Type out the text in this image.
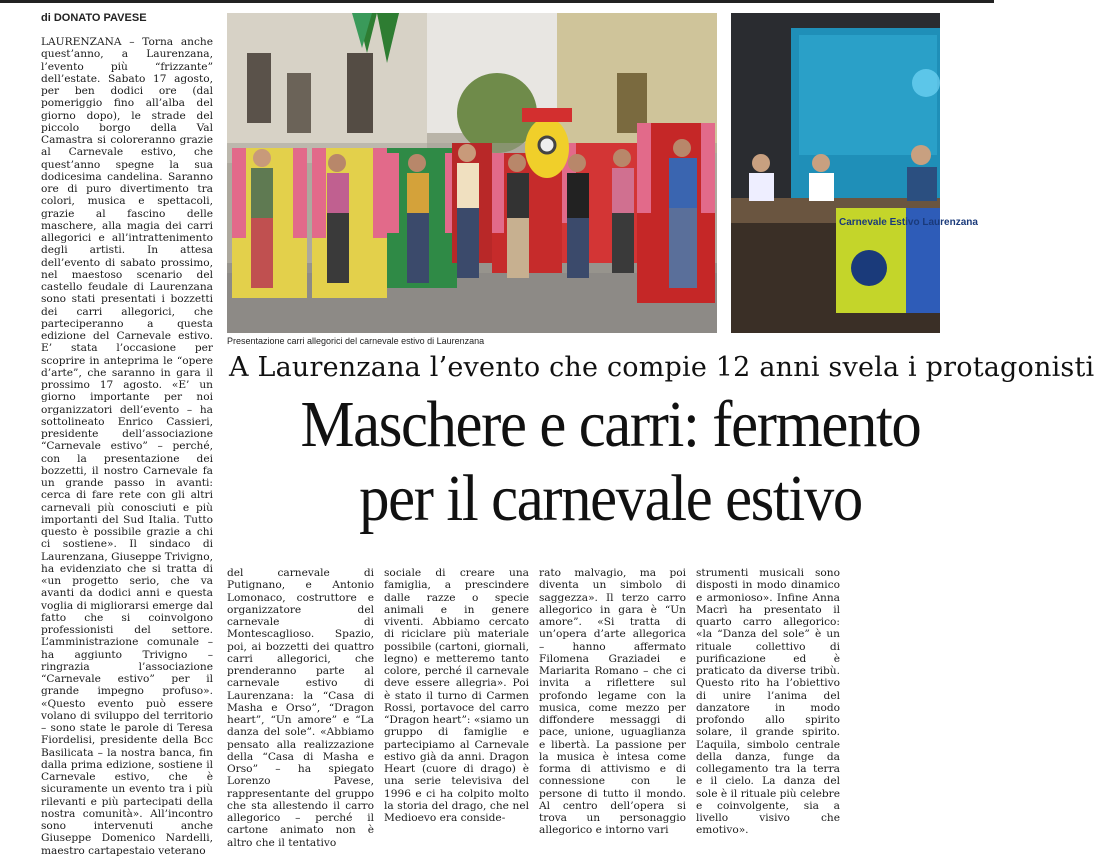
di DONATO PAVESE
LAURENZANA – Torna anche quest’anno, a Laurenzana, l’evento più “frizzante” dell’estate. Sabato 17 agosto, per ben dodici ore (dal pomeriggio fino all’alba del giorno dopo), le strade del piccolo borgo della Val Camastra si coloreranno grazie al Carnevale estivo, che quest’anno spegne la sua dodicesima candelina. Saranno ore di puro divertimento tra colori, musica e spettacoli, grazie al fascino delle maschere, alla magia dei carri allegorici e all’intrattenimento degli artisti. In attesa dell’evento di sabato prossimo, nel maestoso scenario del castello feudale di Laurenzana sono stati presentati i bozzetti dei carri allegorici, che parteciperanno a questa edizione del Carnevale estivo. E’ stata l’occasione per scoprire in anteprima le “opere d’arte”, che saranno in gara il prossimo 17 agosto. «E’ un giorno importante per noi organizzatori dell’evento – ha sottolineato Enrico Cassieri, presidente dell’associazione “Carnevale estivo” – perché, con la presentazione dei bozzetti, il nostro Carnevale fa un grande passo in avanti: cerca di fare rete con gli altri carnevali più conosciuti e più importanti del Sud Italia. Tutto questo è possibile grazie a chi ci sostiene». Il sindaco di Laurenzana, Giuseppe Trivigno, ha evidenziato che si tratta di «un progetto serio, che va avanti da dodici anni e questa voglia di migliorarsi emerge dal fatto che si coinvolgono professionisti del settore. L’amministrazione comunale – ha aggiunto Trivigno – ringrazia l’associazione “Carnevale estivo” per il grande impegno profuso». «Questo evento può essere volano di sviluppo del territorio – sono state le parole di Teresa Fiordelisi, presidente della Bcc Basilicata – la nostra banca, fin dalla prima edizione, sostiene il Carnevale estivo, che è sicuramente un evento tra i più rilevanti e più partecipati della nostra comunità». All’incontro sono intervenuti anche Giuseppe Domenico Nardelli, maestro cartapestaio veterano
Carnevale Estivo Laurenzana
Presentazione carri allegorici del carnevale estivo di Laurenzana
A Laurenzana l’evento che compie 12 anni svela i protagonisti
Maschere e carri: fermento
per il carnevale estivo
del carnevale di Putignano, e Antonio Lomonaco, costruttore e organizzatore del carnevale di Montescaglioso. Spazio, poi, ai bozzetti dei quattro carri allegorici, che prenderanno parte al carnevale estivo di Laurenzana: la “Casa di Masha e Orso”, “Dragon heart”, “Un amore” e “La danza del sole”. «Abbiamo pensato alla realizzazione della “Casa di Masha e Orso” – ha spiegato Lorenzo Pavese, rappresentante del gruppo che sta allestendo il carro allegorico – perché il cartone animato non è altro che il tentativo
sociale di creare una famiglia, a prescindere dalle razze o specie animali e in genere viventi. Abbiamo cercato di riciclare più materiale possibile (cartoni, giornali, legno) e metteremo tanto colore, perché il carnevale deve essere allegria». Poi è stato il turno di Carmen Rossi, portavoce del carro “Dragon heart”: «siamo un gruppo di famiglie e partecipiamo al Carnevale estivo già da anni. Dragon Heart (cuore di drago) è una serie televisiva del 1996 e ci ha colpito molto la storia del drago, che nel Medioevo era conside-
rato malvagio, ma poi diventa un simbolo di saggezza». Il terzo carro allegorico in gara è “Un amore”. «Si tratta di un’opera d’arte allegorica – hanno affermato Filomena Graziadei e Mariarita Romano – che ci invita a riflettere sul profondo legame con la musica, come mezzo per diffondere messaggi di pace, unione, uguaglianza e libertà. La passione per la musica è intesa come forma di attivismo e di connessione con le persone di tutto il mondo. Al centro dell’opera si trova un personaggio allegorico e intorno vari
strumenti musicali sono disposti in modo dinamico e armonioso». Infine Anna Macrì ha presentato il quarto carro allegorico: «la “Danza del sole” è un rituale collettivo di purificazione ed è praticato da diverse tribù. Questo rito ha l’obiettivo di unire l’anima del danzatore in modo profondo allo spirito solare, il grande spirito. L’aquila, simbolo centrale della danza, funge da collegamento tra la terra e il cielo. La danza del sole è il rituale più celebre e coinvolgente, sia a livello visivo che emotivo».
